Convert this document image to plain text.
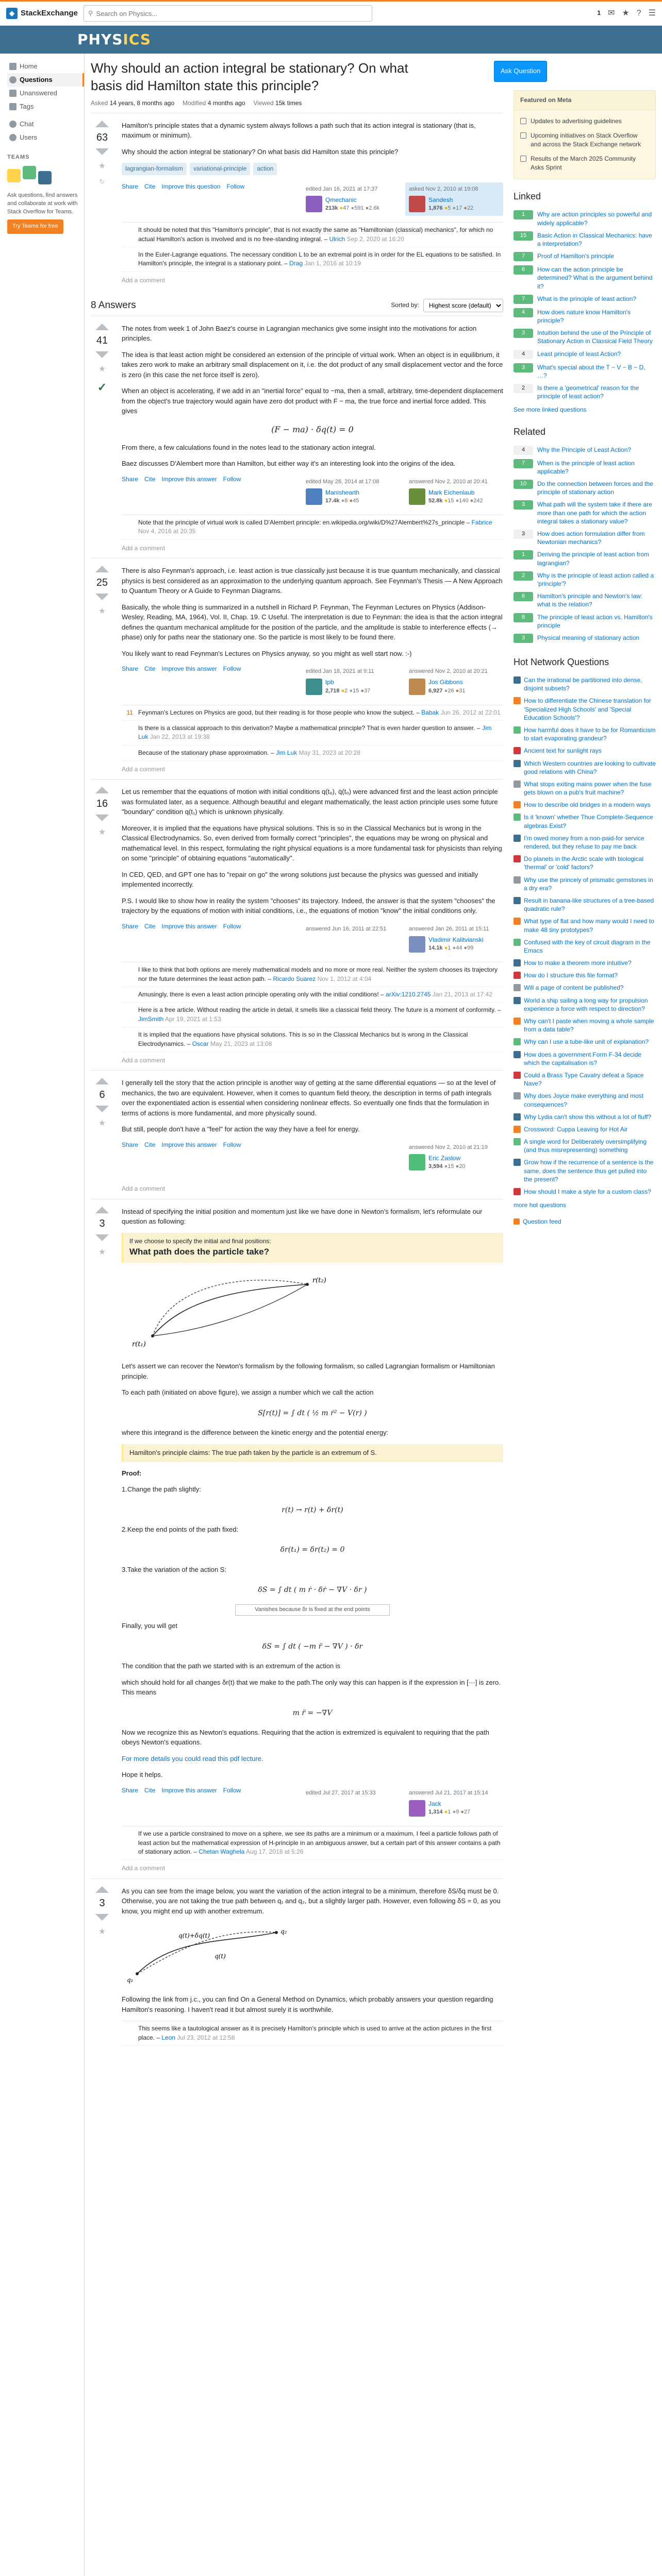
◆ StackExchange ⚲
Search on Physics...	1 ✉ ★ ? ☰
PHYSICS
Home
Questions
Unanswered
Tags
Chat
Users
TEAMS
Ask questions, find answers and collaborate at work with Stack Overflow for Teams.
Try Teams for free
Ask Question
Why should an action integral be stationary? On what basis did Hamilton state this principle?
Asked 14 years, 8 months ago Modified 4 months ago Viewed 15k times
63
★
↻

Hamilton's principle states that a dynamic system always follows a path such that its action integral is stationary (that is, maximum or minimum).

Why should the action integral be stationary? On what basis did Hamilton state this principle?

lagrangian-formalism	variational-principle	action
Share Cite Improve this question Follow	edited Jan 16, 2021 at 17:37
Qmechanic
213k ●47 ●591 ●2.6k
asked Nov 2, 2010 at 19:08
Sandesh
1,876 ●5 ●17 ●22
It should be noted that this "Hamilton's principle", that is not exactly the same as "Hamiltonian (classical) mechanics", for which no actual Hamilton's action is involved and is no free-standing integral. – Ulrich Sep 2, 2020 at 16:20
In the Euler-Lagrange equations. The necessary condition L to be an extremal point is in order for the EL equations to be satisfied. In Hamilton's principle, the integral is a stationary point. – Drag Jan 1, 2016 at 10:19
Add a comment
8 Answers	Sorted by:
Highest score (default)
41
★
✓

The notes from week 1 of John Baez's course in Lagrangian mechanics give some insight into the motivations for action principles.

The idea is that least action might be considered an extension of the principle of virtual work. When an object is in equilibrium, it takes zero work to make an arbitrary small displacement on it, i.e. the dot product of any small displacement vector and the force is zero (in this case the net force itself is zero).

When an object is accelerating, if we add in an "inertial force" equal to −ma, then a small, arbitrary, time-dependent displacement from the object's true trajectory would again have zero dot product with F − ma, the true force and inertial force added. This gives

(F − ma) · δq(t) = 0

From there, a few calculations found in the notes lead to the stationary action integral.

Baez discusses D'Alembert more than Hamilton, but either way it's an interesting look into the origins of the idea.

Share Cite Improve this answer Follow	edited May 26, 2014 at 17:08
Manishearth
17.4k ●8 ●45
answered Nov 2, 2010 at 20:41
Mark Eichenlaub
52.8k ●15 ●140 ●242
Note that the principle of virtual work is called D'Alembert principle: en.wikipedia.org/wiki/D%27Alembert%27s_principle – Fabrice Nov 4, 2016 at 20:35
Add a comment
25
★

There is also Feynman's approach, i.e. least action is true classically just because it is true quantum mechanically, and classical physics is best considered as an approximation to the underlying quantum approach. See Feynman's Thesis — A New Approach to Quantum Theory or A Guide to Feynman Diagrams.

Basically, the whole thing is summarized in a nutshell in Richard P. Feynman, The Feynman Lectures on Physics (Addison-Wesley, Reading, MA, 1964), Vol. II, Chap. 19. C Useful. The interpretation is due to Feynman: the idea is that the action integral defines the quantum mechanical amplitude for the position of the particle, and the amplitude is stable to interference effects (→ phase) only for paths near the stationary one. So the particle is most likely to be found there.

You likely want to read Feynman's Lectures on Physics anyway, so you might as well start now. :-)

Share Cite Improve this answer Follow	edited Jan 18, 2021 at 9:11
tpb
2,718 ●2 ●15 ●37
answered Nov 2, 2010 at 20:21
Jos Gibbons
6,927 ●26 ●31
11 Feynman's Lectures on Physics are good, but their reading is for those people who know the subject. – Babak Jun 26, 2012 at 22:01
Is there is a classical approach to this derivation? Maybe a mathematical principle? That is even harder question to answer. – Jim Luk Jan 22, 2013 at 19:38
Because of the stationary phase approximation. – Jim Luk May 31, 2023 at 20:28
Add a comment
16
★

Let us remember that the equations of motion with initial conditions q(t₀), q̇(t₀) were advanced first and the least action principle was formulated later, as a sequence. Although beautiful and elegant mathematically, the least action principle uses some future "boundary" condition q(t₁) which is unknown physically.

Moreover, it is implied that the equations have physical solutions. This is so in the Classical Mechanics but is wrong in the Classical Electrodynamics. So, even derived from formally correct "principles", the equations may be wrong on physical and mathematical level. In this respect, formulating the right physical equations is a more fundamental task for physicists than relying on some "principle" of obtaining equations "automatically".

In CED, QED, and GPT one has to "repair on go" the wrong solutions just because the physics was guessed and initially implemented incorrectly.

P.S. I would like to show how in reality the system "chooses" its trajectory. Indeed, the answer is that the system "chooses" the trajectory by the equations of motion with initial conditions, i.e., the equations of motion "know" the initial conditions only.

Share Cite Improve this answer Follow	answered Jun 16, 2011 at 22:51	answered Jan 26, 2011 at 15:11
Vladimir Kalitvianski
14.1k ●1 ●44 ●99
I like to think that both options are merely mathematical models and no more or more real. Neither the system chooses its trajectory nor the future determines the least action path. – Ricardo Suarez Nov 1, 2012 at 4:04
Amusingly, there is even a least action principle operating only with the initial conditions! – arXiv:1210.2745 Jan 21, 2013 at 17:42
Here is a free article. Without reading the article in detail, it smells like a classical field theory. The future is a moment of conformity. – JimSmith Apr 19, 2021 at 1:53
It is implied that the equations have physical solutions. This is so in the Classical Mechanics but is wrong in the Classical Electrodynamics. – Oscar May 21, 2023 at 13:08
Add a comment
6
★

I generally tell the story that the action principle is another way of getting at the same differential equations — so at the level of mechanics, the two are equivalent. However, when it comes to quantum field theory, the description in terms of path integrals over the exponentiated action is essential when considering nonlinear effects. So eventually one finds that the formulation in terms of actions is more fundamental, and more physically sound.

But still, people don't have a "feel" for action the way they have a feel for energy.

Share Cite Improve this answer Follow	answered Nov 2, 2010 at 21:19
Eric Zaslow
3,594 ●15 ●20
Add a comment
3
★

Instead of specifying the initial position and momentum just like we have done in Newton's formalism, let's reformulate our question as following:

If we choose to specify the initial and final positions:
What path does the particle take?
r(t₁)
r(t₂)

Let's assert we can recover the Newton's formalism by the following formalism, so called Lagrangian formalism or Hamiltonian principle.

To each path (initiated on above figure), we assign a number which we call the action

S[r(t)] = ∫ dt ( ½ m ṙ² − V(r) )

where this integrand is the difference between the kinetic energy and the potential energy:

Hamilton's principle claims: The true path taken by the particle is an extremum of S.

Proof:

1.Change the path slightly:

r(t) → r(t) + δr(t)

2.Keep the end points of the path fixed:

δr(t₁) = δr(t₂) = 0

3.Take the variation of the action S:

δS = ∫ dt ( m ṙ · δṙ − ∇V · δr )
Vanishes because δr is fixed at the end points

Finally, you will get

δS = ∫ dt ( −m r̈ − ∇V ) · δr

The condition that the path we started with is an extremum of the action is

which should hold for all changes δr(t) that we make to the path.The only way this can happen is if the expression in [···] is zero. This means

m r̈ = −∇V

Now we recognize this as Newton's equations. Requiring that the action is extremized is equivalent to requiring that the path obeys Newton's equations.

For more details you could read this pdf lecture.

Hope it helps.

Share Cite Improve this answer Follow	edited Jul 27, 2017 at 15:33	answered Jul 21, 2017 at 15:14
Jack
1,314 ●1 ●9 ●27
If we use a particle constrained to move on a sphere, we see its paths are a minimum or a maximum. I feel a particle follows path of least action but the mathematical expression of H-principle in an ambiguous answer, but a certain part of this answer contains a path of stationary action. – Chetan Waghela Aug 17, 2018 at 5:26
Add a comment
3
★

As you can see from the image below, you want the variation of the action integral to be a minimum, therefore δS/δq must be 0. Otherwise, you are not taking the true path between q₁ and q₂, but a slightly larger path. However, even following δS = 0, as you know, you might end up with another extremum.

q₁
q₂
q(t)
q(t)+δq(t)

Following the link from j.c., you can find On a General Method on Dynamics, which probably answers your question regarding Hamilton's reasoning. I haven't read it but almost surely it is worthwhile.

This seems like a tautological answer as it is precisely Hamilton's principle which is used to arrive at the action pictures in the first place. – Leon Jul 23, 2012 at 12:58
Featured on Meta
Updates to advertising guidelines
Upcoming initiatives on Stack Overflow and across the Stack Exchange network
Results of the March 2025 Community Asks Sprint
Linked
1	Why are action principles so powerful and widely applicable?
15	Basic Action in Classical Mechanics: have a interpretation?
7	Proof of Hamilton's principle
6	How can the action principle be determined? What is the argument behind it?
7	What is the principle of least action?
4	How does nature know Hamilton's principle?
3	Intuition behind the use of the Principle of Stationary Action in Classical Field Theory
4	Least principle of least Action?
3	What's special about the T − V − B − D, …?
2	Is there a 'geometrical' reason for the principle of least action?
See more linked questions
Related
4	Why the Principle of Least Action?
7	When is the principle of least action applicable?
10	Do the connection between forces and the principle of stationary action
3	What path will the system take if there are more than one path for which the action integral takes a stationary value?
3	How does action formulation differ from Newtonian mechanics?
1	Deriving the principle of least action from lagrangian?
2	Why is the principle of least action called a 'principle'?
6	Hamilton's principle and Newton's law: what is the relation?
8	The principle of least action vs. Hamilton's principle
3	Physical meaning of stationary action
Hot Network Questions
Can the irrational be partitioned into dense, disjoint subsets?
How to differentiate the Chinese translation for 'Specialized High Schools' and 'Special Education Schools'?
How harmful does it have to be for Romanticism to start evaporating grandeur?
Ancient text for sunlight rays
Which Western countries are looking to cultivate good relations with China?
What stops exiting mains power when the fuse gets blown on a pub's fruit machine?
How to describe old bridges in a modern ways
Is it 'known' whether Thue Complete-Sequence algebras Exist?
I'm owed money from a non-paid-for service rendered, but they refuse to pay me back
Do planets in the Arctic scale with biological 'thermal' or 'cold' factors?
Why use the princely of prismatic gemstones in a dry era?
Result in banana-like structures of a tree-based quadratic rule?
What type of flat and how many would I need to make 48 tiny prototypes?
Confused with the key of circuit diagram in the Emacs
How to make a theorem more intuitive?
How do I structure this file format?
Will a page of content be published?
World a ship sailing a long way for propulsion experience a force with respect to direction?
Why can't I paste when moving a whole sample from a data table?
Why can I use a tube-like unit of explanation?
How does a government Form F-34 decide which the capitalisation is?
Could a Brass Type Cavalry defeat a Space Nave?
Why does Joyce make everything and most consequences?
Why Lydia can't show this without a lot of fluff?
Crossword: Cuppa Leaving for Hot Air
A single word for Deliberately oversimplifying (and thus misrepresenting) something
Grow how if the recurrence of a sentence is the same, does the sentence thus get pulled into the present?
How should I make a style for a custom class?
more hot questions
Question feed
